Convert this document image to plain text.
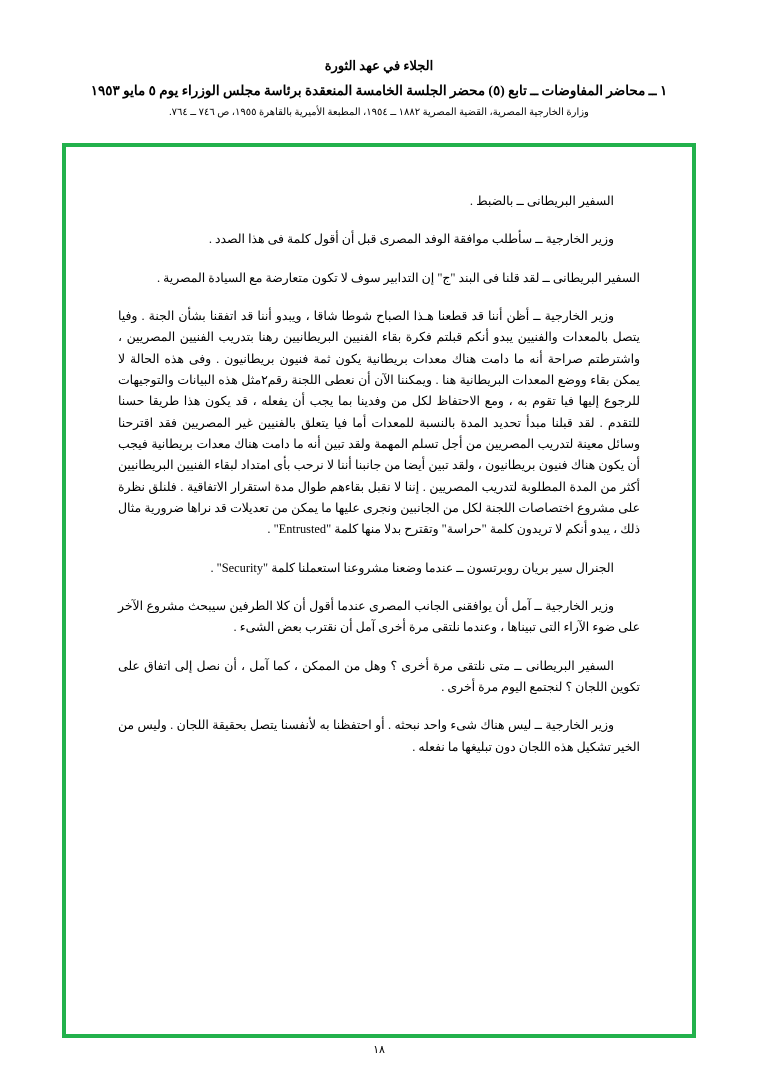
الجلاء في عهد الثورة
١ ــ محاضر المفاوضات ــ تابع (٥) محضر الجلسة الخامسة المنعقدة برئاسة مجلس الوزراء يوم ٥ مايو ١٩٥٣
وزارة الخارجية المصرية، القضية المصرية ١٨٨٢ ــ ١٩٥٤، المطبعة الأميرية بالقاهرة ١٩٥٥، ص ٧٤٦ ــ ٧٦٤.

السفير البريطانى ــ بالضبط .

وزير الخارجية ــ سأطلب موافقة الوفد المصرى قبل أن أقول كلمة فى هذا الصدد .

السفير البريطانى ــ لقد قلنا فى البند "ج" إن التدابير سوف لا تكون متعارضة مع السيادة المصرية .

وزير الخارجية ــ أظن أننا قد قطعنا هـذا الصباح شوطا شاقا ، ويبدو أننا قد اتفقنا بشأن الجنة . وفيا يتصل بالمعدات والفنيين يبدو أنكم قبلتم فكرة بقاء الفنيين البريطانيين رهنا بتدريب الفنيين المصريين ، واشترطتم صراحة أنه ما دامت هناك معدات بريطانية يكون ثمة فنيون بريطانيون . وفى هذه الحالة لا يمكن بقاء ووضع المعدات البريطانية هنا . ويمكننا الآن أن نعطى اللجنة رقم٢مثل هذه البيانات والتوجيهات للرجوع إليها فيا تقوم به ، ومع الاحتفاظ لكل من وفدينا بما يجب أن يفعله ، قد يكون هذا طريقا حسنا للتقدم . لقد قبلنا مبدأ تحديد المدة بالنسبة للمعدات أما فيا يتعلق بالفنيين غير المصريين فقد اقترحنا وسائل معينة لتدريب المصريين من أجل تسلم المهمة ولقد تبين أنه ما دامت هناك معدات بريطانية فيجب أن يكون هناك فنيون بريطانيون ، ولقد تبين أيضا من جانبنا أننا لا نرحب بأى امتداد لبقاء الفنيين البريطانيين أكثر من المدة المطلوبة لتدريب المصريين . إننا لا نقبل بقاءهم طوال مدة استقرار الاتفاقية . فلنلق نظرة على مشروع اختصاصات اللجنة لكل من الجانبين ونجرى عليها ما يمكن من تعديلات قد نراها ضرورية مثال ذلك ، يبدو أنكم لا تريدون كلمة "حراسة" وتقترح بدلا منها كلمة "Entrusted" .

الجنرال سير بريان روبرتسون ــ عندما وضعنا مشروعنا استعملنا كلمة "Security" .

وزير الخارجية ــ آمل أن يوافقنى الجانب المصرى عندما أقول أن كلا الطرفين سيبحث مشروع الآخر على ضوء الآراء التى تبيناها ، وعندما نلتقى مرة أخرى آمل أن نقترب بعض الشىء .

السفير البريطانى ــ متى نلتقى مرة أخرى ؟ وهل من الممكن ، كما آمل ، أن نصل إلى اتفاق على تكوين اللجان ؟ لنجتمع اليوم مرة أخرى .

وزير الخارجية ــ ليس هناك شىء واحد نبحثه . أو احتفظنا به لأنفسنا يتصل بحقيقة اللجان . وليس من الخير تشكيل هذه اللجان دون تبليغها ما نفعله .

١٨
